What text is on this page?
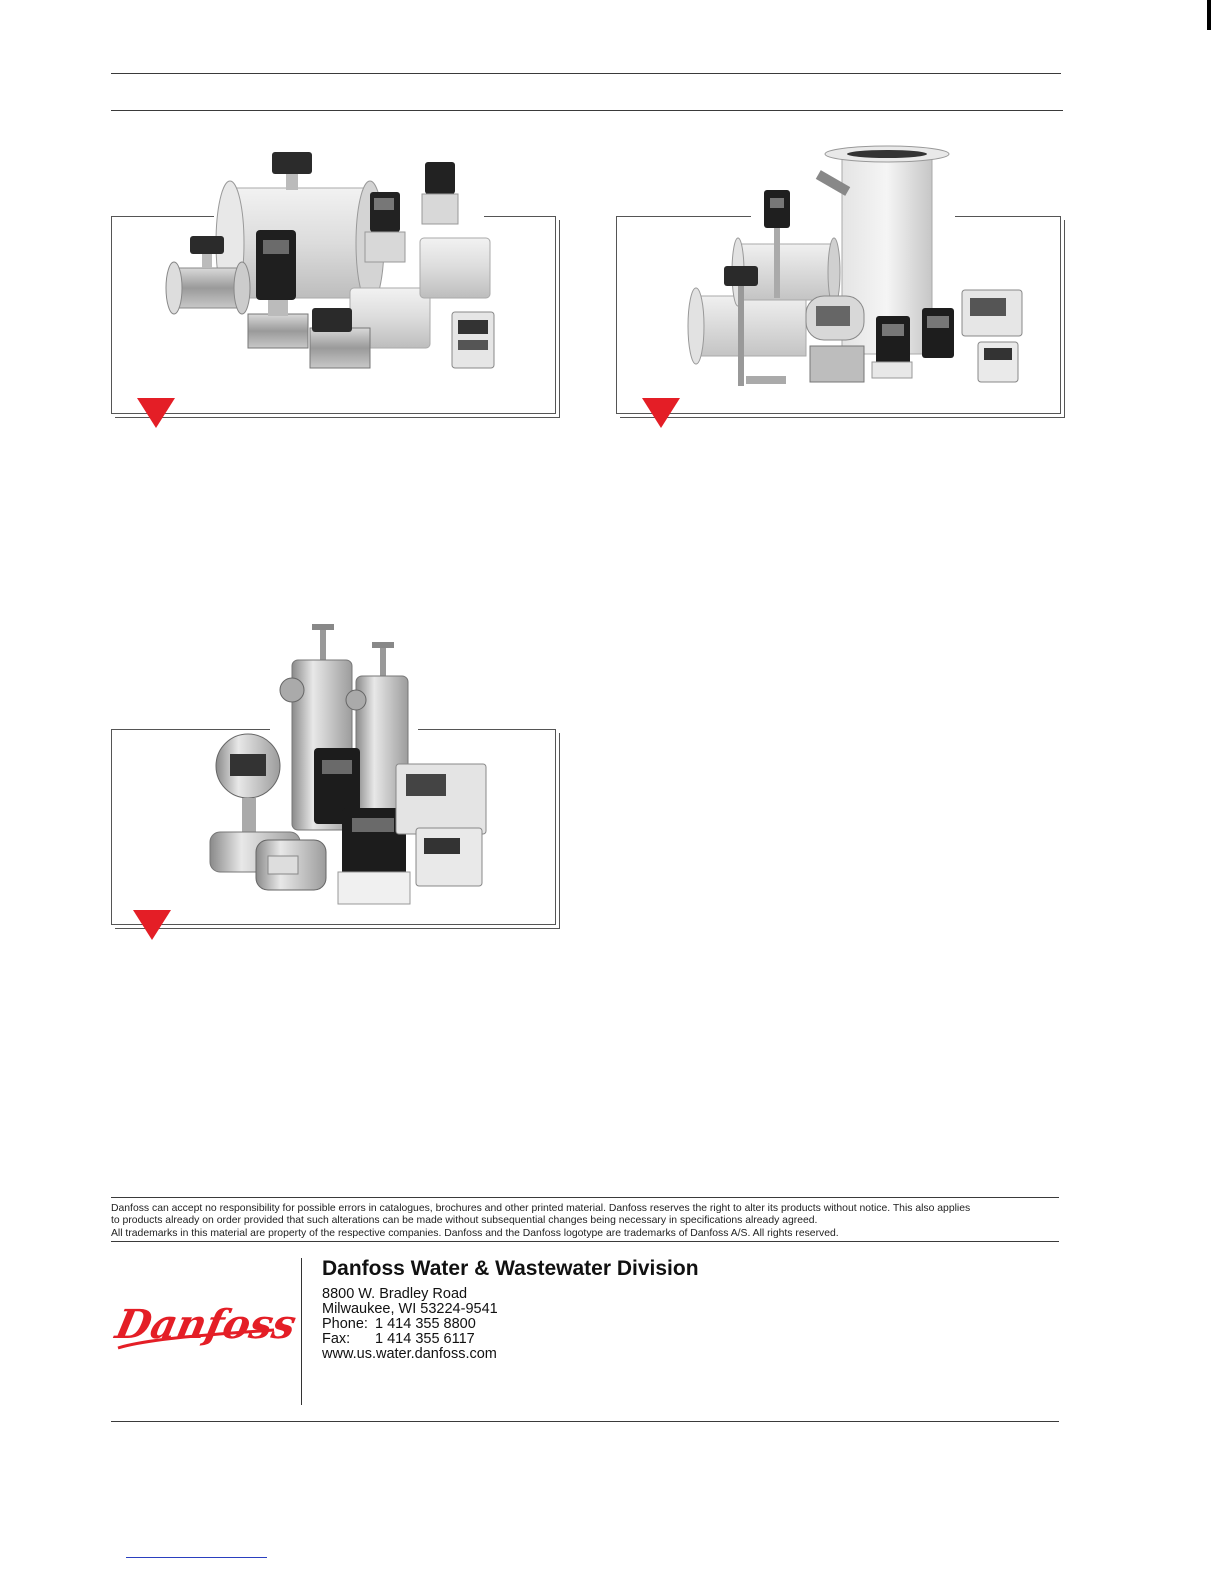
Danfoss can accept no responsibility for possible errors in catalogues, brochures and other printed material. Danfoss reserves the right to alter its products without notice. This also applies

to products already on order provided that such alterations can be made without subsequential changes being necessary in specifications already agreed.

All trademarks in this material are property of the respective companies. Danfoss and the Danfoss logotype are trademarks of Danfoss A/S. All rights reserved.

Danfoss
Danfoss Water & Wastewater Division
8800 W. Bradley Road
Milwaukee, WI 53224-9541
Phone: 1 414 355 8800
Fax: 1 414 355 6117
www.us.water.danfoss.com
